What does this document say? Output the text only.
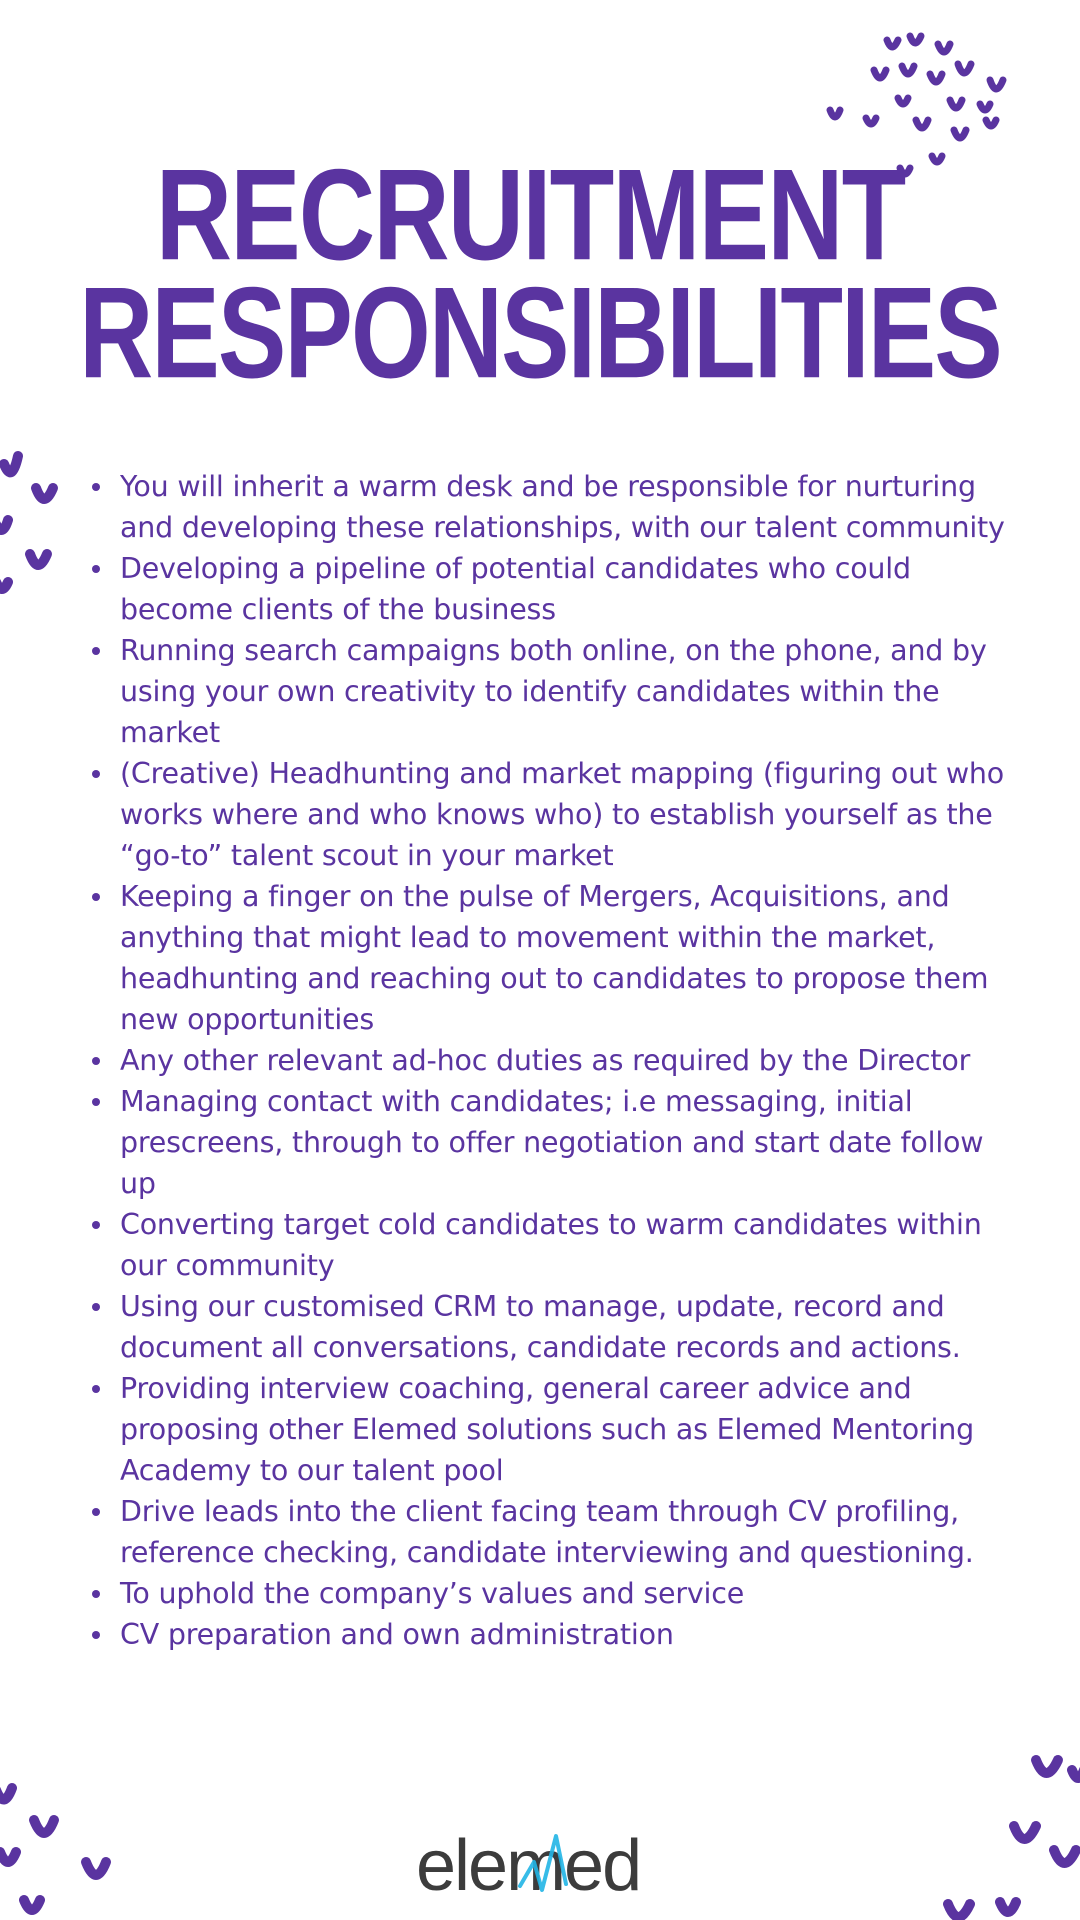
RECRUITMENT
RESPONSIBILITIES
You will inherit a warm desk and be responsible for nurturing and developing these relationships, with our talent community
Developing a pipeline of potential candidates who could become clients of the business
Running search campaigns both online, on the phone, and by using your own creativity to identify candidates within the market
(Creative) Headhunting and market mapping (figuring out who works where and who knows who) to establish yourself as the “go-to” talent scout in your market
Keeping a finger on the pulse of Mergers, Acquisitions, and anything that might lead to movement within the market, headhunting and reaching out to candidates to propose them new opportunities
Any other relevant ad-hoc duties as required by the Director
Managing contact with candidates; i.e messaging, initial prescreens, through to offer negotiation and start date follow up
Converting target cold candidates to warm candidates within our community
Using our customised CRM to manage, update, record and document all conversations, candidate records and actions.
Providing interview coaching, general career advice and proposing other Elemed solutions such as Elemed Mentoring Academy to our talent pool
Drive leads into the client facing team through CV profiling, reference checking, candidate interviewing and questioning.
To uphold the company’s values and service
CV preparation and own administration
elemed
